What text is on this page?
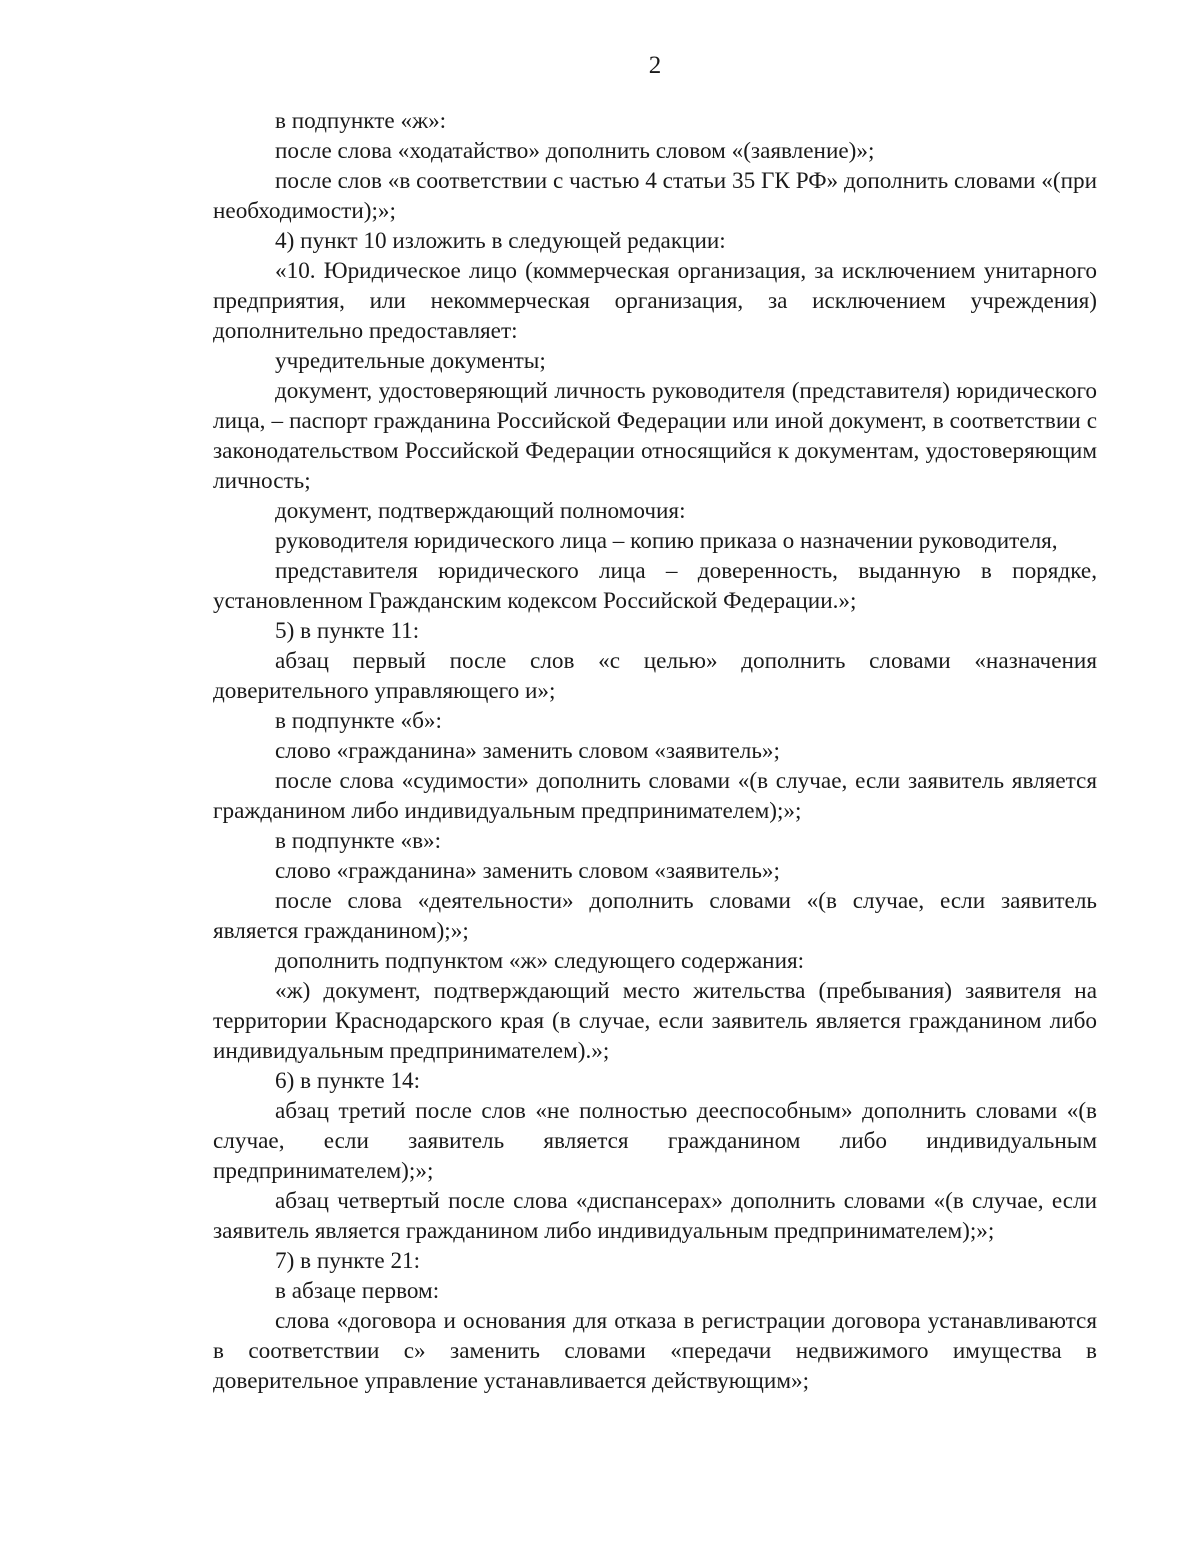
2

в подпункте «ж»:

после слова «ходатайство» дополнить словом «(заявление)»;

после слов «в соответствии с частью 4 статьи 35 ГК РФ» дополнить словами «(при необходимости);»;

4) пункт 10 изложить в следующей редакции:

«10. Юридическое лицо (коммерческая организация, за исключением унитарного предприятия, или некоммерческая организация, за исключением учреждения) дополнительно предоставляет:

учредительные документы;

документ, удостоверяющий личность руководителя (представителя) юридического лица, – паспорт гражданина Российской Федерации или иной документ, в соответствии с законодательством Российской Федерации относящийся к документам, удостоверяющим личность;

документ, подтверждающий полномочия:

руководителя юридического лица – копию приказа о назначении руководителя,

представителя юридического лица – доверенность, выданную в порядке, установленном Гражданским кодексом Российской Федерации.»;

5) в пункте 11:

абзац первый после слов «с целью» дополнить словами «назначения доверительного управляющего и»;

в подпункте «б»:

слово «гражданина» заменить словом «заявитель»;

после слова «судимости» дополнить словами «(в случае, если заявитель является гражданином либо индивидуальным предпринимателем);»;

в подпункте «в»:

слово «гражданина» заменить словом «заявитель»;

после слова «деятельности» дополнить словами «(в случае, если заявитель является гражданином);»;

дополнить подпунктом «ж» следующего содержания:

«ж) документ, подтверждающий место жительства (пребывания) заявителя на территории Краснодарского края (в случае, если заявитель является гражданином либо индивидуальным предпринимателем).»;

6) в пункте 14:

абзац третий после слов «не полностью дееспособным» дополнить словами «(в случае, если заявитель является гражданином либо индивидуальным предпринимателем);»;

абзац четвертый после слова «диспансерах» дополнить словами «(в случае, если заявитель является гражданином либо индивидуальным предпринимателем);»;

7) в пункте 21:

в абзаце первом:

слова «договора и основания для отказа в регистрации договора устанавливаются в соответствии с» заменить словами «передачи недвижимого имущества в доверительное управление устанавливается действующим»;
